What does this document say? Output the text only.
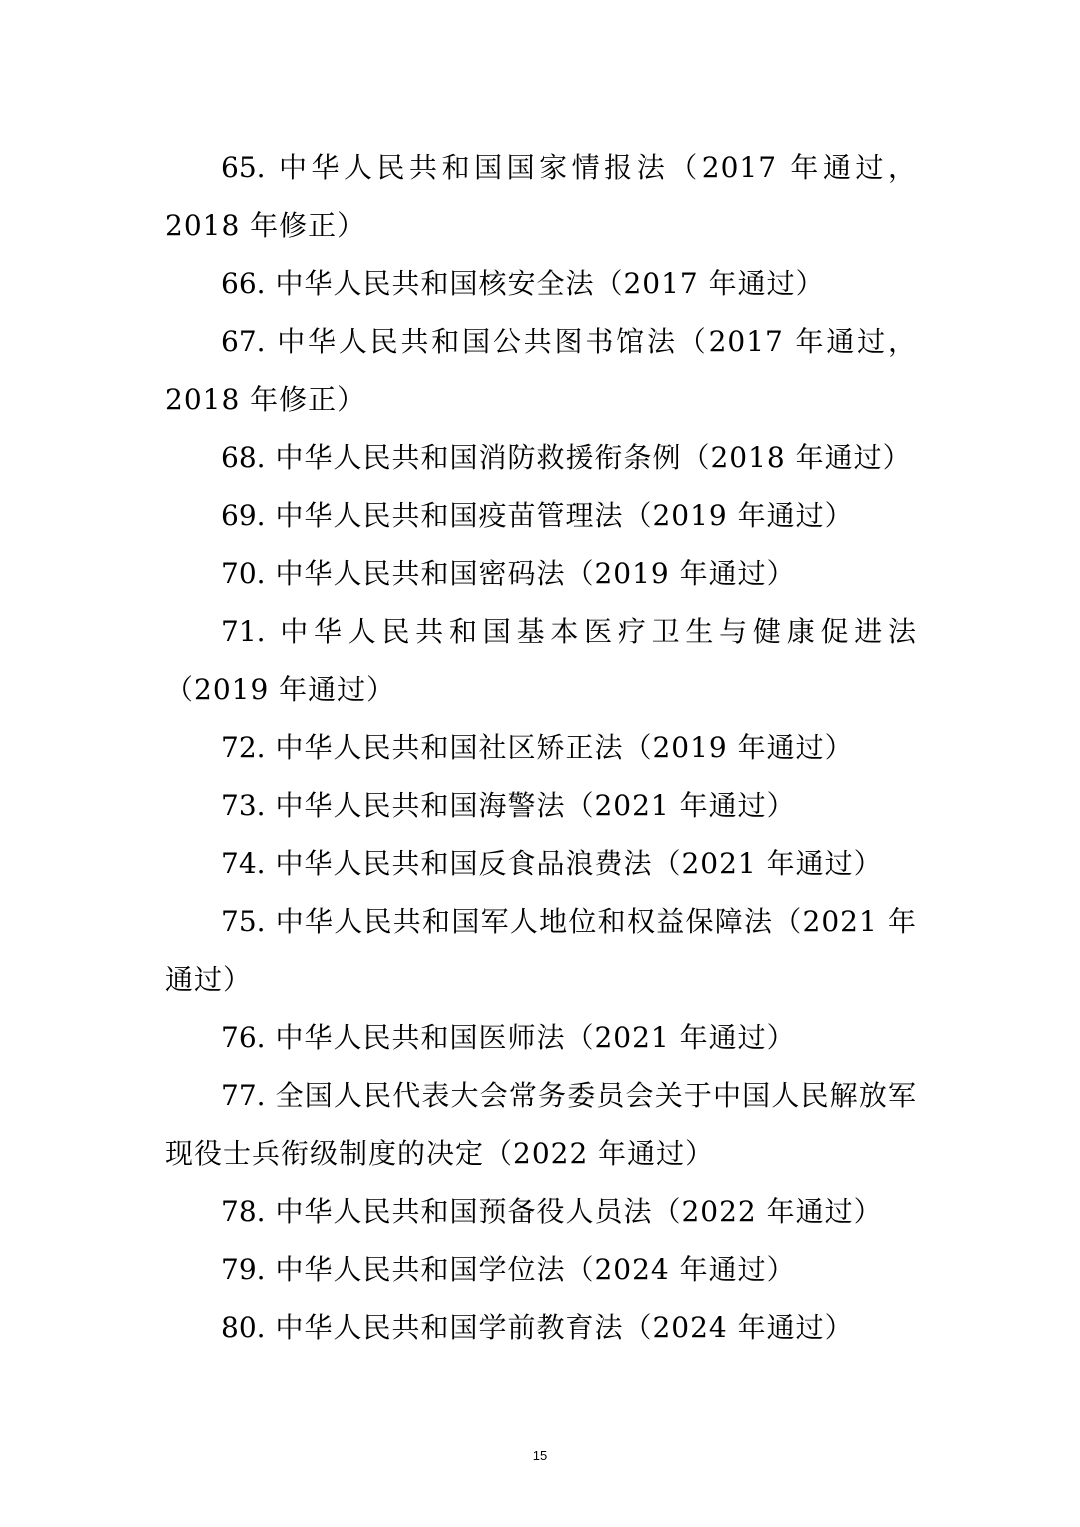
65. 中华人民共和国国家情报法（2017 年通过，2018 年修正）

66. 中华人民共和国核安全法（2017 年通过）

67. 中华人民共和国公共图书馆法（2017 年通过，2018 年修正）

68. 中华人民共和国消防救援衔条例（2018 年通过）

69. 中华人民共和国疫苗管理法（2019 年通过）

70. 中华人民共和国密码法（2019 年通过）

71. 中华人民共和国基本医疗卫生与健康促进法（2019 年通过）

72. 中华人民共和国社区矫正法（2019 年通过）

73. 中华人民共和国海警法（2021 年通过）

74. 中华人民共和国反食品浪费法（2021 年通过）

75. 中华人民共和国军人地位和权益保障法（2021 年通过）

76. 中华人民共和国医师法（2021 年通过）

77. 全国人民代表大会常务委员会关于中国人民解放军现役士兵衔级制度的决定（2022 年通过）

78. 中华人民共和国预备役人员法（2022 年通过）

79. 中华人民共和国学位法（2024 年通过）

80. 中华人民共和国学前教育法（2024 年通过）

15
